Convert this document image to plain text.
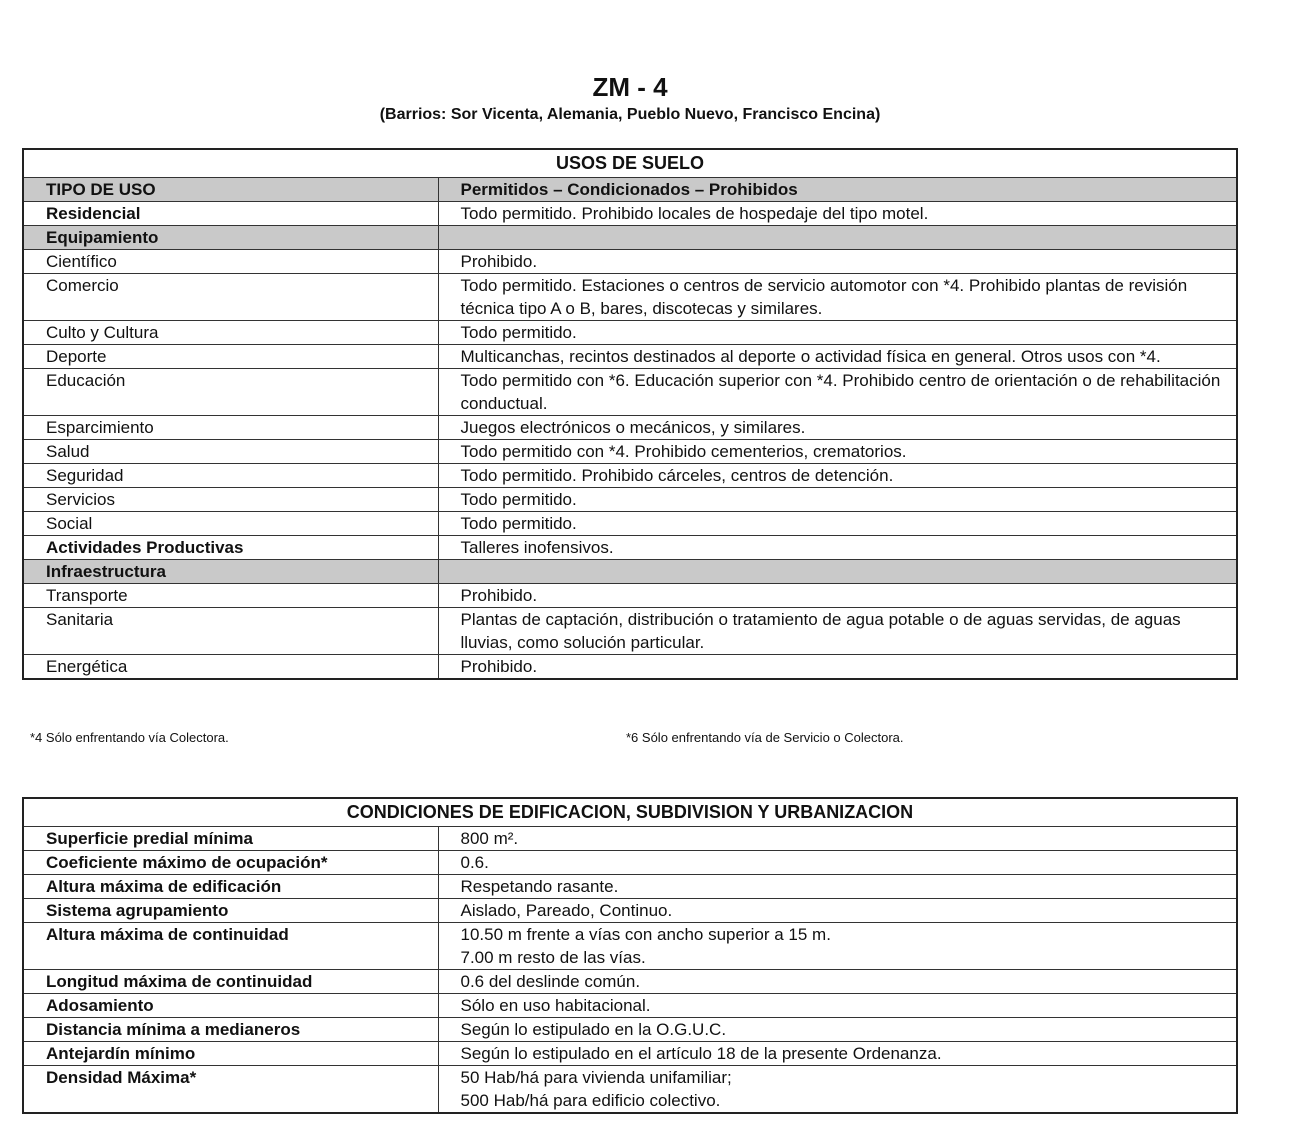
ZM - 4
(Barrios: Sor Vicenta, Alemania, Pueblo Nuevo, Francisco Encina)
USOS DE SUELO	
TIPO DE USO	Permitidos – Condicionados – Prohibidos
Residencial	Todo permitido. Prohibido locales de hospedaje del tipo motel.
Equipamiento	
Científico	Prohibido.
Comercio	Todo permitido. Estaciones o centros de servicio automotor con *4. Prohibido plantas de revisión técnica tipo A o B, bares, discotecas y similares.
Culto y Cultura	Todo permitido.
Deporte	Multicanchas, recintos destinados al deporte o actividad física en general. Otros usos con *4.
Educación	Todo permitido con *6. Educación superior con *4. Prohibido centro de orientación o de rehabilitación conductual.
Esparcimiento	Juegos electrónicos o mecánicos, y similares.
Salud	Todo permitido con *4. Prohibido cementerios, crematorios.
Seguridad	Todo permitido. Prohibido cárceles, centros de detención.
Servicios	Todo permitido.
Social	Todo permitido.
Actividades Productivas	Talleres inofensivos.
Infraestructura	
Transporte	Prohibido.
Sanitaria	Plantas de captación, distribución o tratamiento de agua potable o de aguas servidas, de aguas lluvias, como solución particular.
Energética	Prohibido.
*4 Sólo enfrentando vía Colectora.	*6 Sólo enfrentando vía de Servicio o Colectora.
CONDICIONES DE EDIFICACION, SUBDIVISION Y URBANIZACION	
Superficie predial mínima	800 m².

Coeficiente máximo de ocupación*	0.6.

Altura máxima de edificación	Respetando rasante.

Sistema agrupamiento	Aislado, Pareado, Continuo.

Altura máxima de continuidad	10.50 m frente a vías con ancho superior a 15 m.
7.00 m resto de las vías.

Longitud máxima de continuidad	0.6 del deslinde común.

Adosamiento	Sólo en uso habitacional.

Distancia mínima a medianeros	Según lo estipulado en la O.G.U.C.

Antejardín mínimo	Según lo estipulado en el artículo 18 de la presente Ordenanza.

Densidad Máxima*	50 Hab/há para vivienda unifamiliar;
500 Hab/há para edificio colectivo.
